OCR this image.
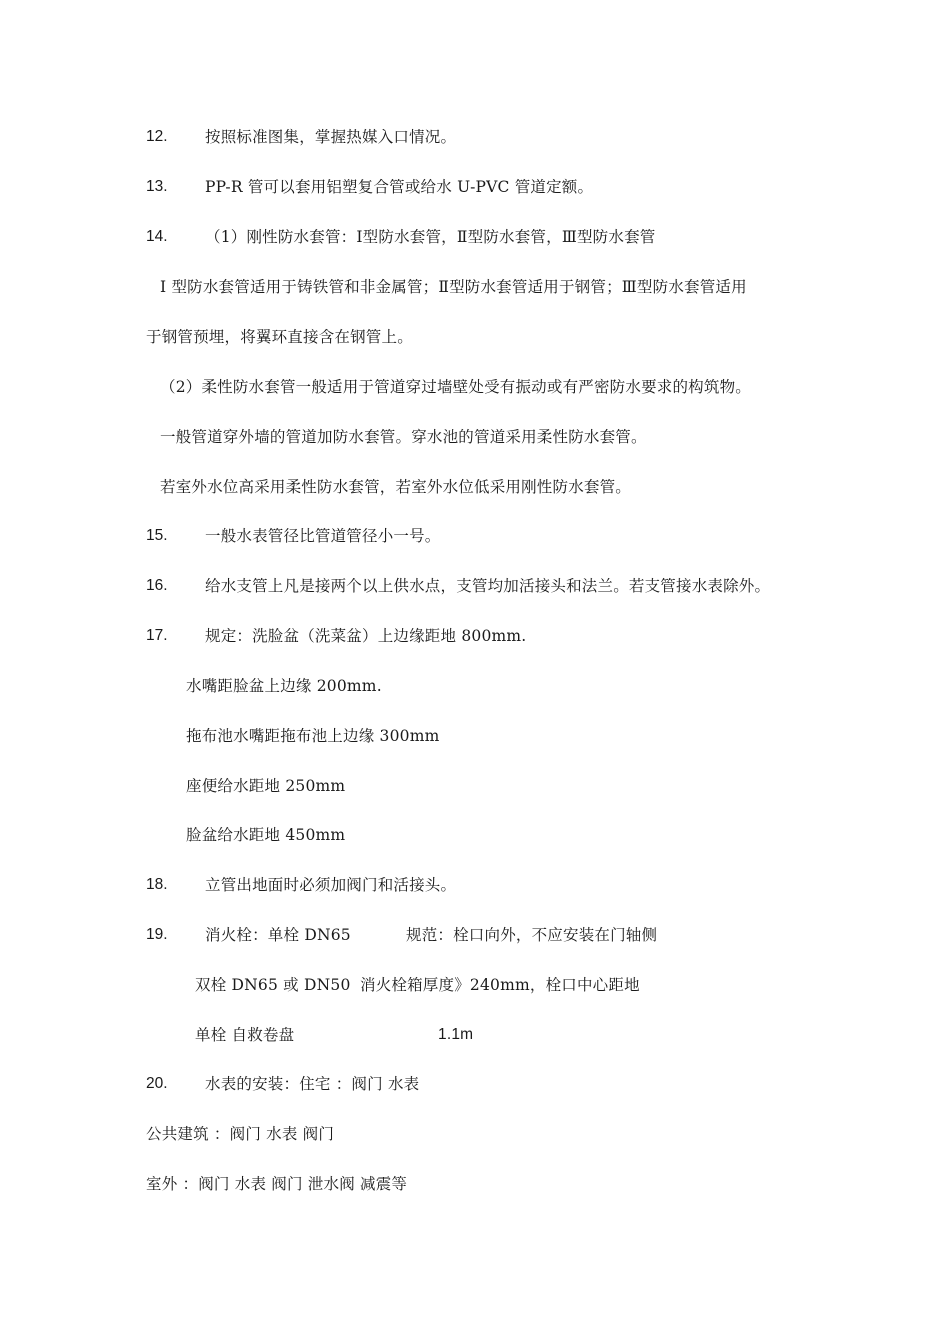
12. 按照标准图集，掌握热媒入口情况。
13. PP-R 管可以套用铝塑复合管或给水 U-PVC 管道定额。
14. （1）刚性防水套管：Ⅰ型防水套管，Ⅱ型防水套管，Ⅲ型防水套管
Ⅰ 型防水套管适用于铸铁管和非金属管；Ⅱ型防水套管适用于钢管；Ⅲ型防水套管适用
于钢管预埋，将翼环直接含在钢管上。
（2）柔性防水套管一般适用于管道穿过墙壁处受有振动或有严密防水要求的构筑物。
一般管道穿外墙的管道加防水套管。穿水池的管道采用柔性防水套管。
若室外水位高采用柔性防水套管，若室外水位低采用刚性防水套管。
15. 一般水表管径比管道管径小一号。
16. 给水支管上凡是接两个以上供水点，支管均加活接头和法兰。若支管接水表除外。
17. 规定：洗脸盆（洗菜盆）上边缘距地 800mm.
水嘴距脸盆上边缘 200mm.
拖布池水嘴距拖布池上边缘 300mm
座便给水距地 250mm
脸盆给水距地 450mm
18. 立管出地面时必须加阀门和活接头。
19. 消火栓：单栓 DN65	规范：栓口向外，不应安装在门轴侧
双栓 DN65 或 DN50 消火栓箱厚度》240mm，栓口中心距地
单栓 自救卷盘	1.1m
20. 水表的安装：住宅 ：阀门 水表
公共建筑 ：阀门 水表 阀门
室外 ：阀门 水表 阀门 泄水阀 减震等
